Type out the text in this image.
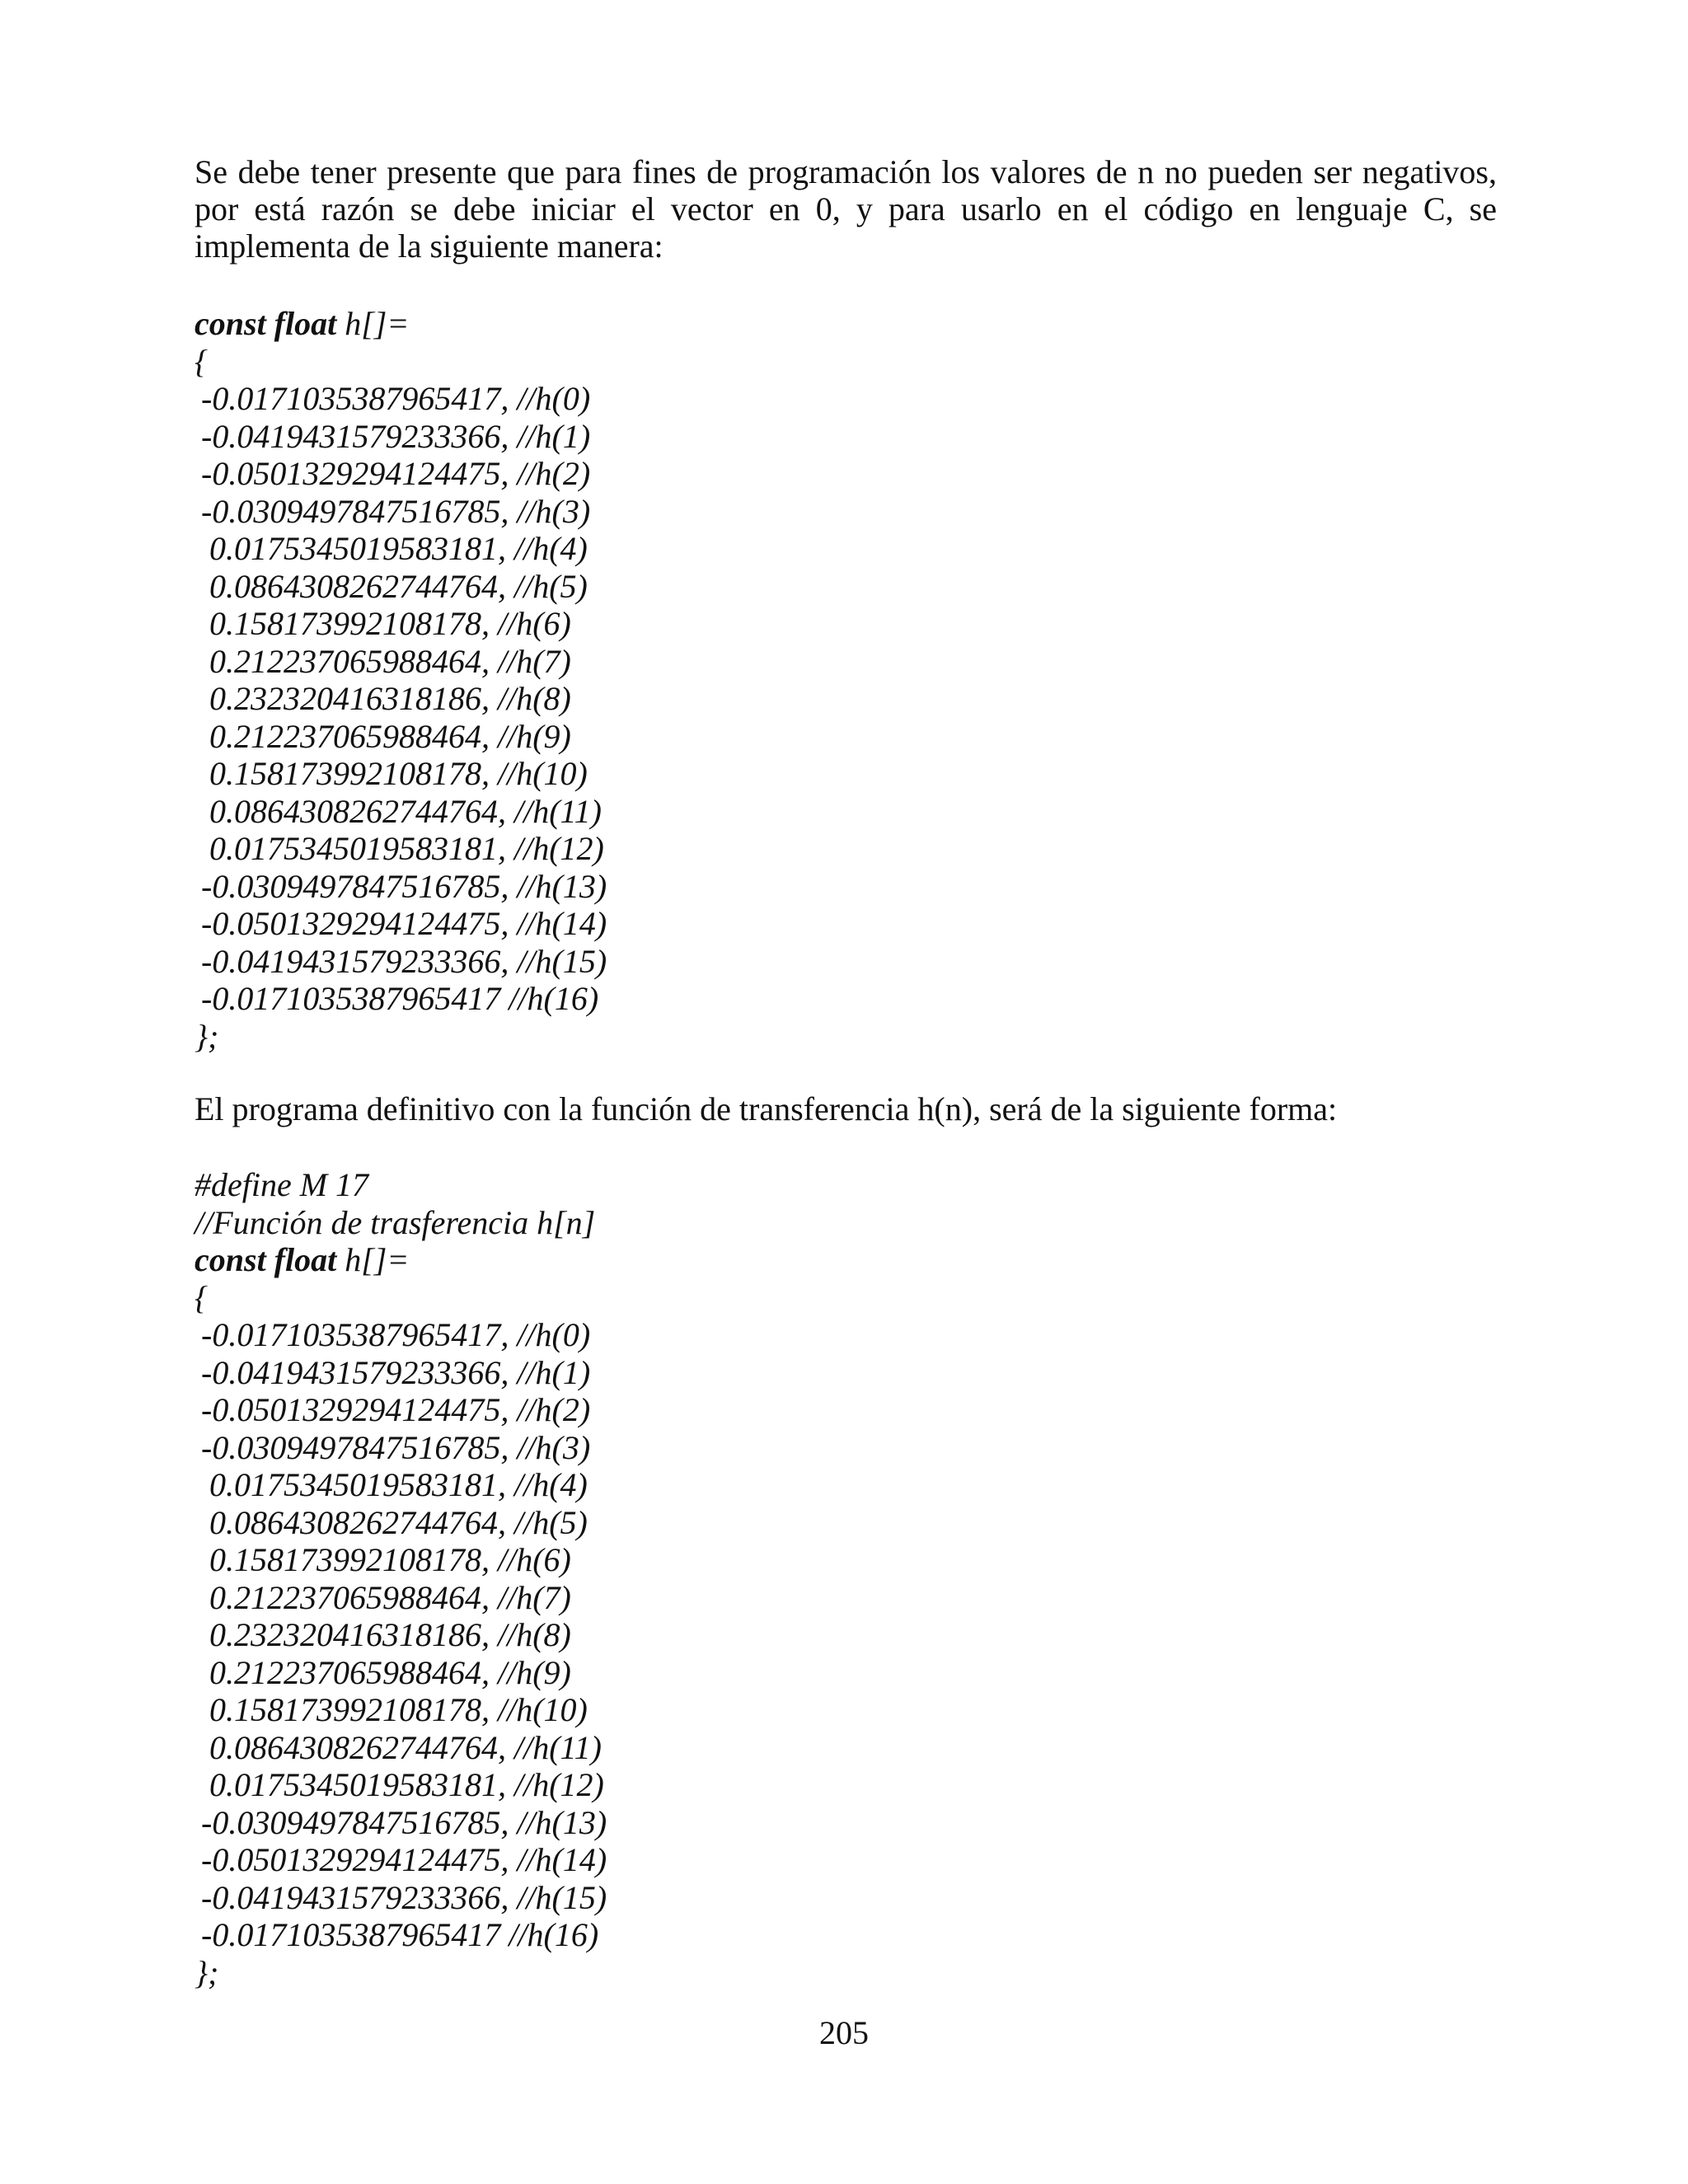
Se debe tener presente que para fines de programación los valores de n no pueden ser negativos,
por está razón se debe iniciar el vector en 0, y para usarlo en el código en lenguaje C, se
implementa de la siguiente manera:
const float h[]=
{
-0.0171035387965417, //h(0)
-0.0419431579233366, //h(1)
-0.0501329294124475, //h(2)
-0.0309497847516785, //h(3)
0.0175345019583181, //h(4)
0.0864308262744764, //h(5)
0.158173992108178, //h(6)
0.212237065988464, //h(7)
0.232320416318186, //h(8)
0.212237065988464, //h(9)
0.158173992108178, //h(10)
0.0864308262744764, //h(11)
0.0175345019583181, //h(12)
-0.0309497847516785, //h(13)
-0.0501329294124475, //h(14)
-0.0419431579233366, //h(15)
-0.0171035387965417 //h(16)
};
El programa definitivo con la función de transferencia h(n), será de la siguiente forma:
#define M 17
//Función de trasferencia h[n]
const float h[]=
{
-0.0171035387965417, //h(0)
-0.0419431579233366, //h(1)
-0.0501329294124475, //h(2)
-0.0309497847516785, //h(3)
0.0175345019583181, //h(4)
0.0864308262744764, //h(5)
0.158173992108178, //h(6)
0.212237065988464, //h(7)
0.232320416318186, //h(8)
0.212237065988464, //h(9)
0.158173992108178, //h(10)
0.0864308262744764, //h(11)
0.0175345019583181, //h(12)
-0.0309497847516785, //h(13)
-0.0501329294124475, //h(14)
-0.0419431579233366, //h(15)
-0.0171035387965417 //h(16)
};
205
